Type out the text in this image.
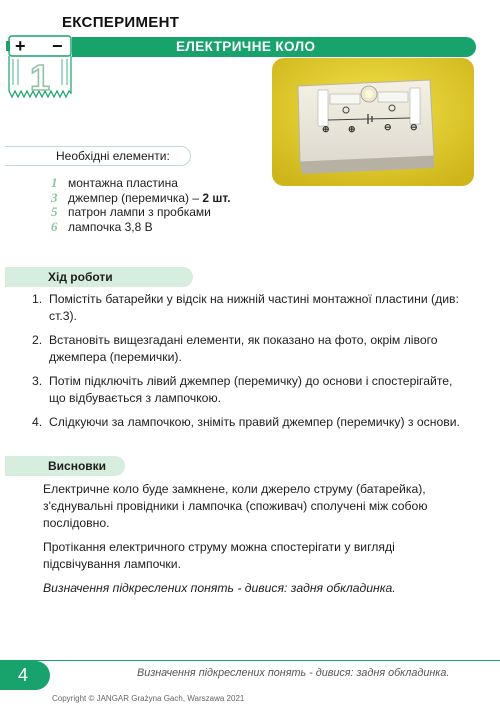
ЕКСПЕРИМЕНТ
+ −
1
ЕЛЕКТРИЧНЕ КОЛО
⊕ ⊕	⊖ ⊖
Необхідні елементи:
1 монтажна пластина
3 джемпер (перемичка) – 2 шт.
5 патрон лампи з пробками
6 лампочка 3,8 В
Хід роботи
1. Помістіть батарейки у відсік на нижній частині монтажної пластини (див: ст.3).
2. Встановіть вищезгадані елементи, як показано на фото, окрім лівого джемпера (перемички).
3. Потім підключіть лівий джемпер (перемичку) до основи і спостерігайте, що відбувається з лампочкою.
4. Слідкуючи за лампочкою, зніміть правий джемпер (перемичку) з основи.
Висновки

Електричне коло буде замкнене, коли джерело струму (батарейка), з'єднувальні провідники і лампочка (споживач) сполучені між собою послідовно.

Протікання електричного струму можна спостерігати у вигляді підсвічування лампочки.

Визначення підкреслених понять - дивися: задня обкладинка.

4	Визначення підкреслених понять - дивися: задня обкладинка.
Copyright © JANGAR Grażyna Gach, Warszawa 2021
